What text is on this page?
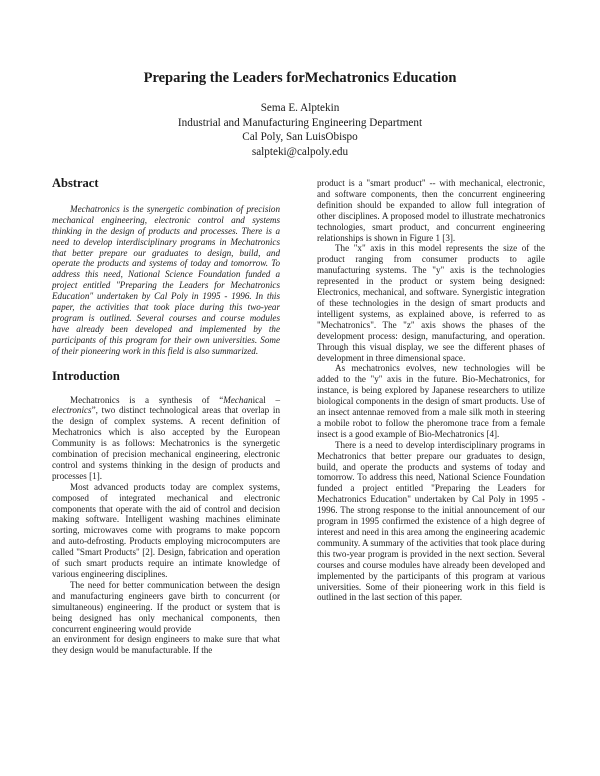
Preparing the Leaders forMechatronics Education

Sema E. Alptekin

Industrial and Manufacturing Engineering Department

Cal Poly, San LuisObispo

salpteki@calpoly.edu

Abstract

Mechatronics is the synergetic combination of precision mechanical engineering, electronic control and systems thinking in the design of products and processes. There is a need to develop interdisciplinary programs in Mechatronics that better prepare our graduates to design, build, and operate the products and systems of today and tomorrow. To address this need, National Science Foundation funded a project entitled "Preparing the Leaders for Mechatronics Education" undertaken by Cal Poly in 1995 - 1996. In this paper, the activities that took place during this two-year program is outlined. Several courses and course modules have already been developed and implemented by the participants of this program for their own universities. Some of their pioneering work in this field is also summarized.

Introduction

Mechatronics is a synthesis of “Mechanical – electronics”, two distinct technological areas that overlap in the design of complex systems. A recent definition of Mechatronics which is also accepted by the European Community is as follows: Mechatronics is the synergetic combination of precision mechanical engineering, electronic control and systems thinking in the design of products and processes [1].

Most advanced products today are complex systems, composed of integrated mechanical and electronic components that operate with the aid of control and decision making software. Intelligent washing machines eliminate sorting, microwaves come with programs to make popcorn and auto-defrosting. Products employing microcomputers are called "Smart Products" [2]. Design, fabrication and operation of such smart products require an intimate knowledge of various engineering disciplines.

The need for better communication between the design and manufacturing engineers gave birth to concurrent (or simultaneous) engineering. If the product or system that is being designed has only mechanical components, then concurrent engineering would provide

an environment for design engineers to make sure that what they design would be manufacturable. If the

product is a "smart product" -- with mechanical, electronic, and software components, then the concurrent engineering definition should be expanded to allow full integration of other disciplines. A proposed model to illustrate mechatronics technologies, smart product, and concurrent engineering relationships is shown in Figure 1 [3].

The "x" axis in this model represents the size of the product ranging from consumer products to agile manufacturing systems. The "y" axis is the technologies represented in the product or system being designed: Electronics, mechanical, and software. Synergistic integration of these technologies in the design of smart products and intelligent systems, as explained above, is referred to as "Mechatronics". The "z" axis shows the phases of the development process: design, manufacturing, and operation. Through this visual display, we see the different phases of development in three dimensional space.

As mechatronics evolves, new technologies will be added to the "y" axis in the future. Bio-Mechatronics, for instance, is being explored by Japanese researchers to utilize biological components in the design of smart products. Use of an insect antennae removed from a male silk moth in steering a mobile robot to follow the pheromone trace from a female insect is a good example of Bio-Mechatronics [4].

There is a need to develop interdisciplinary programs in Mechatronics that better prepare our graduates to design, build, and operate the products and systems of today and tomorrow. To address this need, National Science Foundation funded a project entitled "Preparing the Leaders for Mechatronics Education" undertaken by Cal Poly in 1995 - 1996. The strong response to the initial announcement of our program in 1995 confirmed the existence of a high degree of interest and need in this area among the engineering academic community. A summary of the activities that took place during this two-year program is provided in the next section. Several courses and course modules have already been developed and implemented by the participants of this program at various universities. Some of their pioneering work in this field is outlined in the last section of this paper.
